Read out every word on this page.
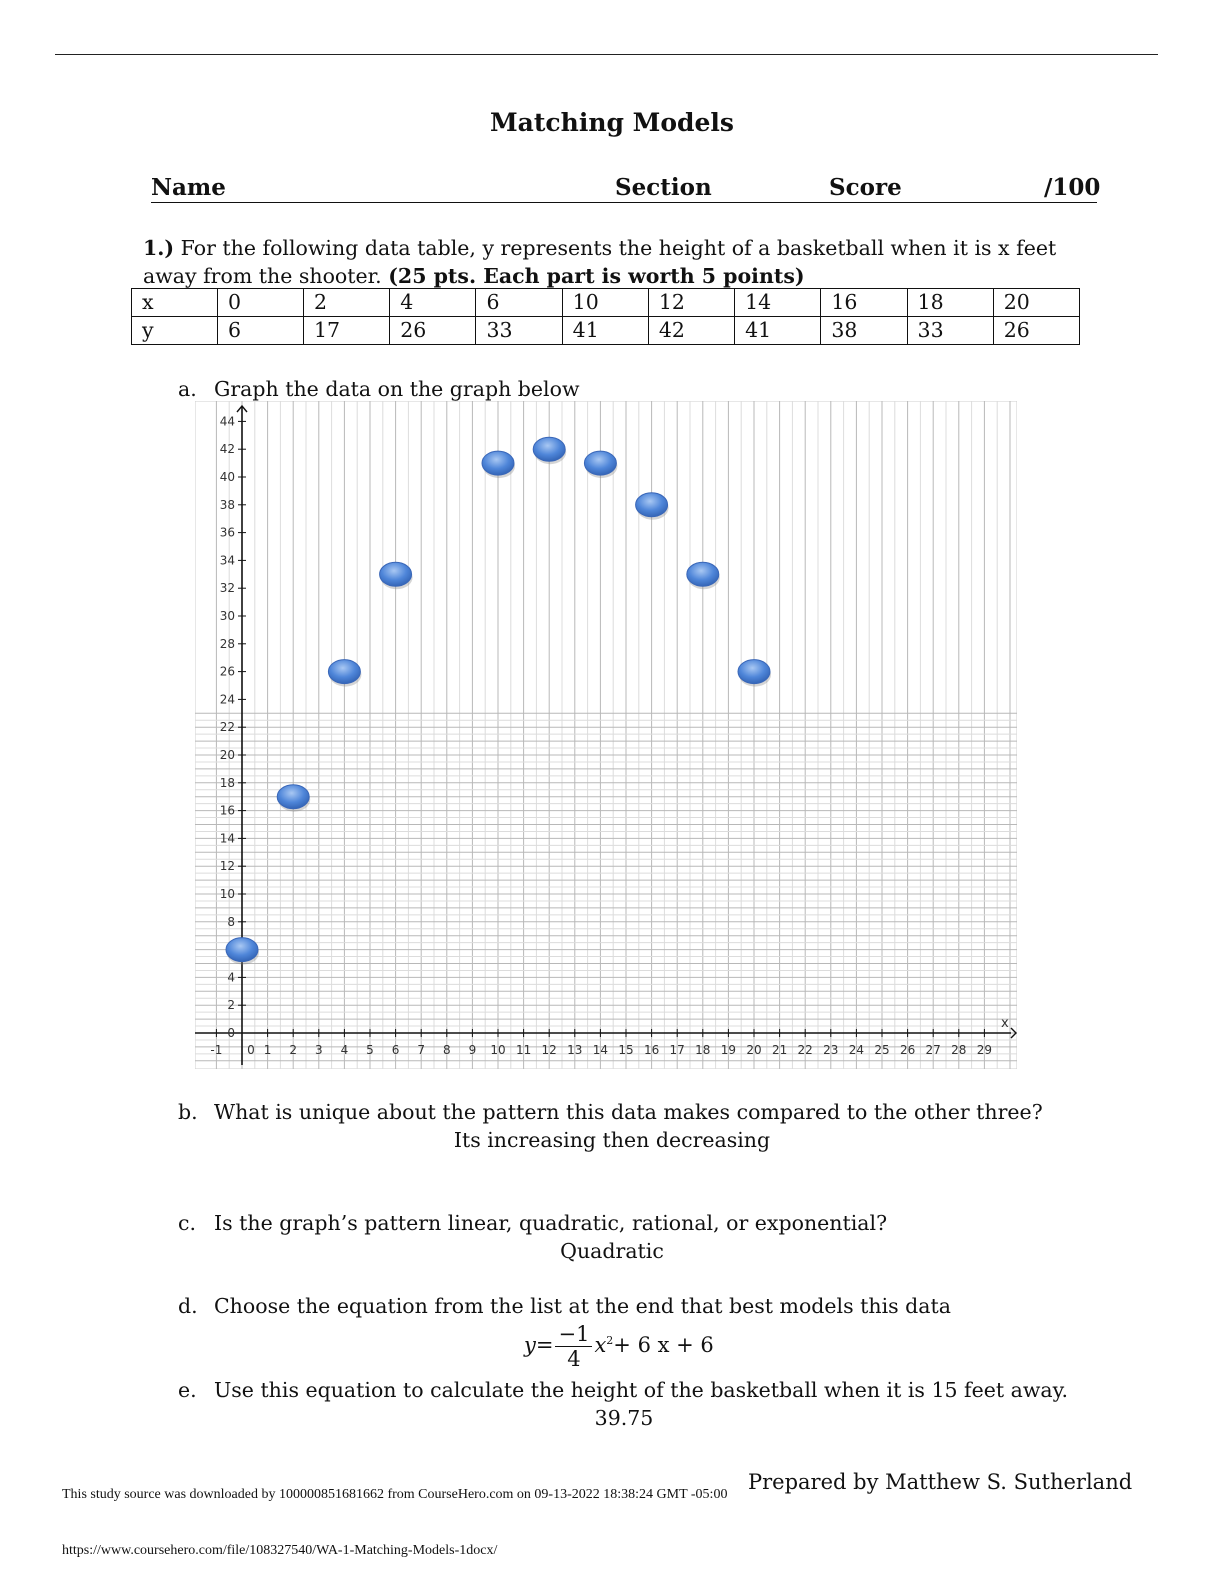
Matching Models
Name	Section	Score	/100
1.) For the following data table, y represents the height of a basketball when it is x feet away from the shooter. (25 pts. Each part is worth 5 points)
x	0	2	4	6	10	12	14	16	18	20
y	6	17	26	33	41	42	41	38	33	26
a. Graph the data on the graph below
-1 0 1 2 3 4 5 6 7 8 9 10 11 12 13 14 15 16 17 18 19 20 21 22 23 24 25 26 27 28 29
0
2
4
8
10
12
14
16
18
20
22
24
26
28
30
32
34
36
38
40
42
44
x
b. What is unique about the pattern this data makes compared to the other three?
Its increasing then decreasing
c. Is the graph’s pattern linear, quadratic, rational, or exponential?
Quadratic
d. Choose the equation from the list at the end that best models this data
$y= \frac{-1}{4} x^2+ 6$ x + 6
e. Use this equation to calculate the height of the basketball when it is 15 feet away.
39.75
Prepared by Matthew S. Sutherland
This study source was downloaded by 100000851681662 from CourseHero.com on 09-13-2022 18:38:24 GMT -05:00
https://www.coursehero.com/file/108327540/WA-1-Matching-Models-1docx/
